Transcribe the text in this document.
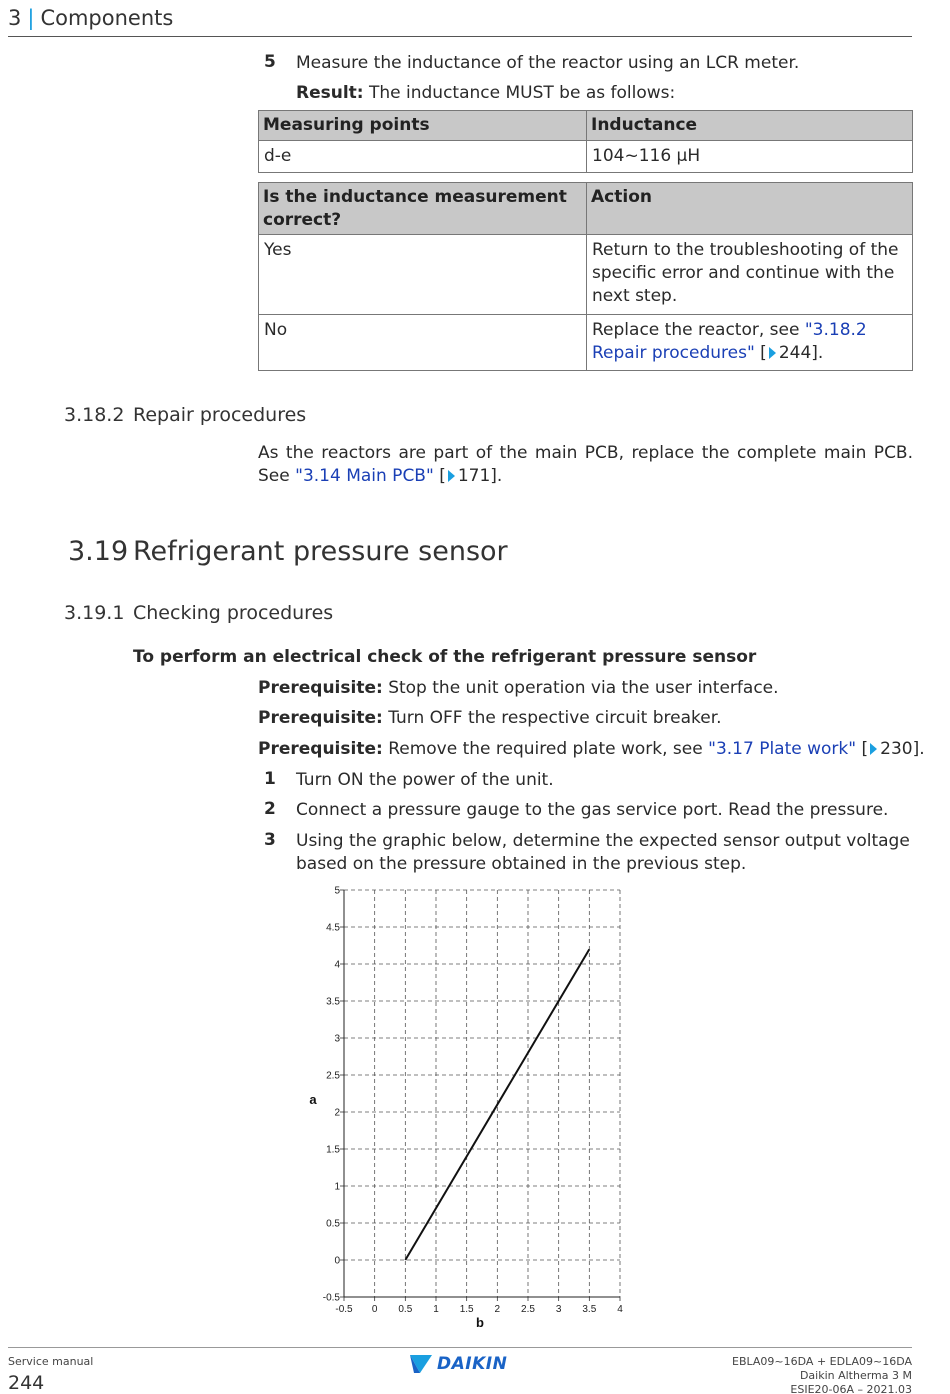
3 | Components
5	Measure the inductance of the reactor using an LCR meter.
Result: The inductance MUST be as follows:
Measuring points	Inductance
d-e	104~116 µH
Is the inductance measurement correct?	Action
Yes	Return to the troubleshooting of the specific error and continue with the next step.
No	Replace the reactor, see "3.18.2 Repair procedures" [ 244].
3.18.2 Repair procedures
As the reactors are part of the main PCB, replace the complete main PCB. See "3.14 Main PCB" [ 171].
3.19 Refrigerant pressure sensor
3.19.1 Checking procedures
To perform an electrical check of the refrigerant pressure sensor
Prerequisite: Stop the unit operation via the user interface.
Prerequisite: Turn OFF the respective circuit breaker.
Prerequisite: Remove the required plate work, see "3.17 Plate work" [ 230].
1	Turn ON the power of the unit.
2	Connect a pressure gauge to the gas service port. Read the pressure.
3	Using the graphic below, determine the expected sensor output voltage based on the pressure obtained in the previous step.
-0.5
0
0.5
1
1.5
2
2.5
3
3.5
4
4.5
5
-0.5 0 0.5 1 1.5 2 2.5 3 3.5 4
a
b
Service manual
244
DAIKIN	EBLA09~16DA + EDLA09~16DA
Daikin Altherma 3 M
ESIE20-06A – 2021.03
